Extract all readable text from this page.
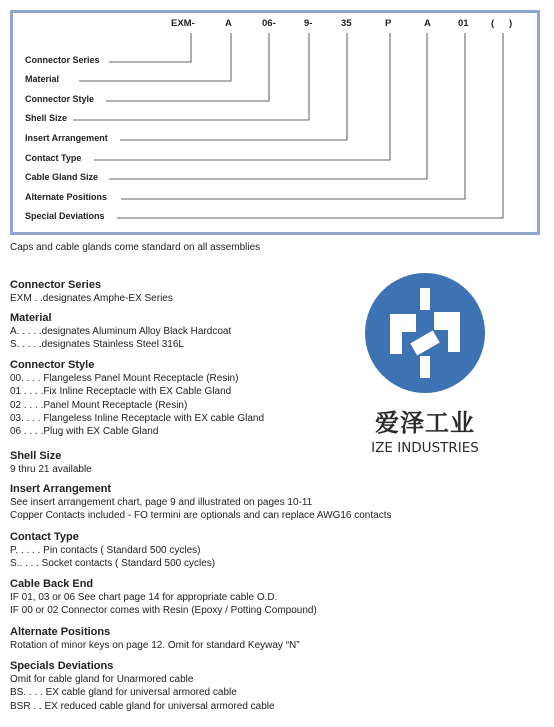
EXM-	A	06-	9-	35	P	A	01 ( )
Connector Series
Material
Connector Style
Shell Size
Insert Arrangement
Contact Type
Cable Gland Size
Alternate Positions
Special Deviations
Caps and cable glands come standard on all assemblies
Connector Series

EXM . .designates Amphe-EX Series

Material

A. . . . .designates Aluminum Alloy Black Hardcoat

S. . . . .designates Stainless Steel 316L

Connector Style

00. . . . Flangeless Panel Mount Receptacle (Resin)

01 . . . .Fix Inline Receptacle with EX Cable Gland

02 . . . .Panel Mount Receptacle (Resin)

03. . . . Flangeless Inline Receptacle with EX cable Gland

06 . . . .Plug with EX Cable Gland

Shell Size

9 thru 21 available

Insert Arrangement

See insert arrangement chart, page 9 and illustrated on pages 10-11

Copper Contacts included - FO termini are optionals and can replace AWG16 contacts

Contact Type

P. . . . . Pin contacts ( Standard 500 cycles)

S.. . . . Socket contacts ( Standard 500 cycles)

Cable Back End

IF 01, 03 or 06 See chart page 14 for appropriate cable O.D.

IF 00 or 02 Connector comes with Resin (Epoxy / Potting Compound)

Alternate Positions

Rotation of minor keys on page 12. Omit for standard Keyway “N”

Specials Deviations

Omit for cable gland for Unarmored cable

BS. . . . EX cable gland for universal armored cable

BSR . . EX reduced cable gland for universal armored cable

爱泽工业
IZE INDUSTRIES
